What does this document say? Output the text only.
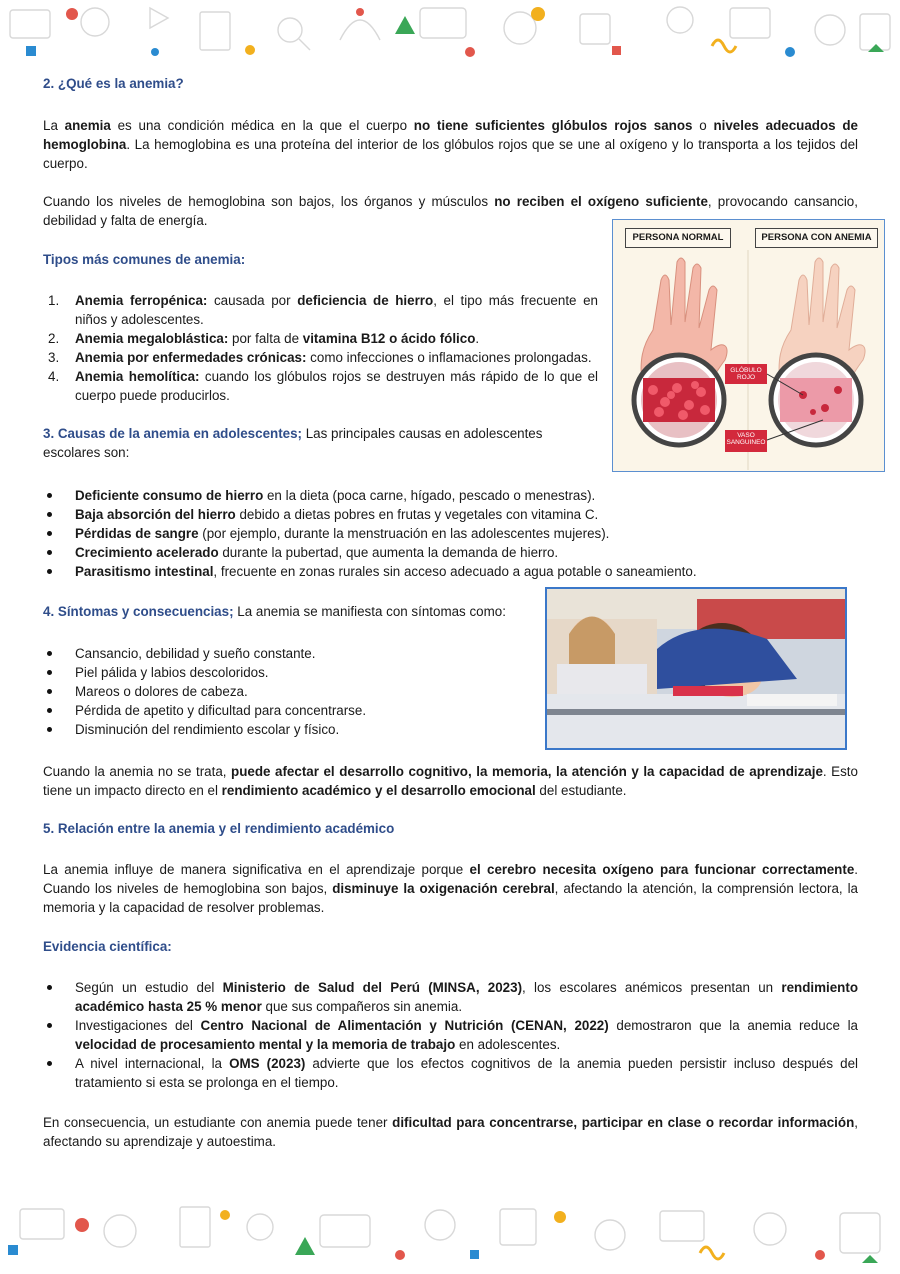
2. ¿Qué es la anemia?

La anemia es una condición médica en la que el cuerpo no tiene suficientes glóbulos rojos sanos o niveles adecuados de hemoglobina. La hemoglobina es una proteína del interior de los glóbulos rojos que se une al oxígeno y lo transporta a los tejidos del cuerpo.

Cuando los niveles de hemoglobina son bajos, los órganos y músculos no reciben el oxígeno suficiente, provocando cansancio, debilidad y falta de energía.

Tipos más comunes de anemia:
1. Anemia ferropénica: causada por deficiencia de hierro, el tipo más frecuente en niños y adolescentes.
2. Anemia megaloblástica: por falta de vitamina B12 o ácido fólico.
3. Anemia por enfermedades crónicas: como infecciones o inflamaciones prolongadas.
4. Anemia hemolítica: cuando los glóbulos rojos se destruyen más rápido de lo que el cuerpo puede producirlos.
PERSONA NORMAL	PERSONA CON ANEMIA
GLÓBULO ROJO
VASO SANGUINEO

3. Causas de la anemia en adolescentes; Las principales causas en adolescentes escolares son:

Deficiente consumo de hierro en la dieta (poca carne, hígado, pescado o menestras).
Baja absorción del hierro debido a dietas pobres en frutas y vegetales con vitamina C.
Pérdidas de sangre (por ejemplo, durante la menstruación en las adolescentes mujeres).
Crecimiento acelerado durante la pubertad, que aumenta la demanda de hierro.
Parasitismo intestinal, frecuente en zonas rurales sin acceso adecuado a agua potable o saneamiento.

4. Síntomas y consecuencias; La anemia se manifiesta con síntomas como:

Cansancio, debilidad y sueño constante.
Piel pálida y labios descoloridos.
Mareos o dolores de cabeza.
Pérdida de apetito y dificultad para concentrarse.
Disminución del rendimiento escolar y físico.

Cuando la anemia no se trata, puede afectar el desarrollo cognitivo, la memoria, la atención y la capacidad de aprendizaje. Esto tiene un impacto directo en el rendimiento académico y el desarrollo emocional del estudiante.

5. Relación entre la anemia y el rendimiento académico

La anemia influye de manera significativa en el aprendizaje porque el cerebro necesita oxígeno para funcionar correctamente. Cuando los niveles de hemoglobina son bajos, disminuye la oxigenación cerebral, afectando la atención, la comprensión lectora, la memoria y la capacidad de resolver problemas.

Evidencia científica:
Según un estudio del Ministerio de Salud del Perú (MINSA, 2023), los escolares anémicos presentan un rendimiento académico hasta 25 % menor que sus compañeros sin anemia.
Investigaciones del Centro Nacional de Alimentación y Nutrición (CENAN, 2022) demostraron que la anemia reduce la velocidad de procesamiento mental y la memoria de trabajo en adolescentes.
A nivel internacional, la OMS (2023) advierte que los efectos cognitivos de la anemia pueden persistir incluso después del tratamiento si esta se prolonga en el tiempo.

En consecuencia, un estudiante con anemia puede tener dificultad para concentrarse, participar en clase o recordar información, afectando su aprendizaje y autoestima.
